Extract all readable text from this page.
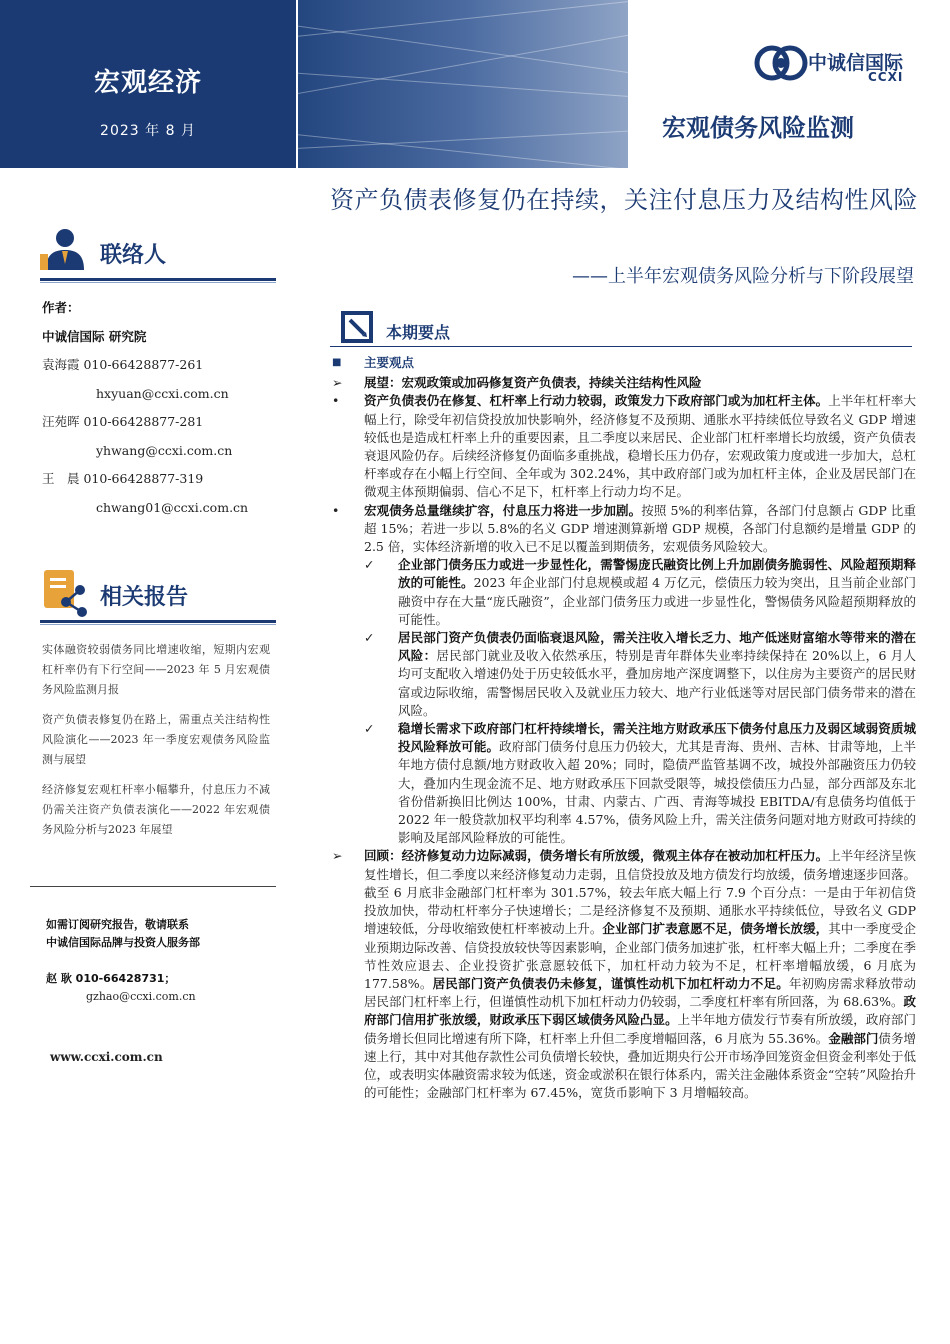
宏观经济
2023 年 8 月
中诚信国际
CCXI
宏观债务风险监测
联络人
作者：
中诚信国际 研究院
袁海霞 010-66428877-261
hxyuan@ccxi.com.cn
汪苑晖 010-66428877-281
yhwang@ccxi.com.cn
王　晨 010-66428877-319
chwang01@ccxi.com.cn
相关报告

实体融资较弱债务同比增速收缩，短期内宏观杠杆率仍有下行空间——2023 年 5 月宏观债务风险监测月报

资产负债表修复仍在路上，需重点关注结构性风险演化——2023 年一季度宏观债务风险监测与展望

经济修复宏观杠杆率小幅攀升，付息压力不减仍需关注资产负债表演化——2022 年宏观债务风险分析与2023 年展望

如需订阅研究报告，敬请联系
中诚信国际品牌与投资人服务部
赵 耿 010-66428731；
gzhao@ccxi.com.cn
www.ccxi.com.cn
资产负债表修复仍在持续，关注付息压力及结构性风险
——上半年宏观债务风险分析与下阶段展望
本期要点
■ 主要观点
➢ 展望：宏观政策或加码修复资产负债表，持续关注结构性风险
• 资产负债表仍在修复、杠杆率上行动力较弱，政策发力下政府部门或为加杠杆主体。上半年杠杆率大幅上行，除受年初信贷投放加快影响外，经济修复不及预期、通胀水平持续低位导致名义 GDP 增速较低也是造成杠杆率上升的重要因素，且二季度以来居民、企业部门杠杆率增长均放缓，资产负债表衰退风险仍存。后续经济修复仍面临多重挑战，稳增长压力仍存，宏观政策力度或进一步加大，总杠杆率或存在小幅上行空间、全年或为 302.24%，其中政府部门或为加杠杆主体，企业及居民部门在微观主体预期偏弱、信心不足下，杠杆率上行动力均不足。
• 宏观债务总量继续扩容，付息压力将进一步加剧。按照 5%的利率估算，各部门付息额占 GDP 比重超 15%；若进一步以 5.8%的名义 GDP 增速测算新增 GDP 规模，各部门付息额约是增量 GDP 的 2.5 倍，实体经济新增的收入已不足以覆盖到期债务，宏观债务风险较大。
✓ 企业部门债务压力或进一步显性化，需警惕庞氏融资比例上升加剧债务脆弱性、风险超预期释放的可能性。2023 年企业部门付息规模或超 4 万亿元，偿债压力较为突出，且当前企业部门融资中存在大量“庞氏融资”，企业部门债务压力或进一步显性化，警惕债务风险超预期释放的可能性。
✓ 居民部门资产负债表仍面临衰退风险，需关注收入增长乏力、地产低迷财富缩水等带来的潜在风险：居民部门就业及收入依然承压，特别是青年群体失业率持续保持在 20%以上，6 月人均可支配收入增速仍处于历史较低水平，叠加房地产深度调整下，以住房为主要资产的居民财富或边际收缩，需警惕居民收入及就业压力较大、地产行业低迷等对居民部门债务带来的潜在风险。
✓ 稳增长需求下政府部门杠杆持续增长，需关注地方财政承压下债务付息压力及弱区域弱资质城投风险释放可能。政府部门债务付息压力仍较大，尤其是青海、贵州、吉林、甘肃等地，上半年地方债付息额/地方财政收入超 20%；同时，隐债严监管基调不改，城投外部融资压力仍较大，叠加内生现金流不足、地方财政承压下回款受限等，城投偿债压力凸显，部分西部及东北省份借新换旧比例达 100%，甘肃、内蒙古、广西、青海等城投 EBITDA/有息债务均值低于 2022 年一般贷款加权平均利率 4.57%，债务风险上升，需关注债务问题对地方财政可持续的影响及尾部风险释放的可能性。
➢ 回顾：经济修复动力边际减弱，债务增长有所放缓，微观主体存在被动加杠杆压力。上半年经济呈恢复性增长，但二季度以来经济修复动力走弱，且信贷投放及地方债发行均放缓，债务增速逐步回落。截至 6 月底非金融部门杠杆率为 301.57%，较去年底大幅上行 7.9 个百分点：一是由于年初信贷投放加快，带动杠杆率分子快速增长；二是经济修复不及预期、通胀水平持续低位，导致名义 GDP 增速较低，分母收缩致使杠杆率被动上升。企业部门扩表意愿不足，债务增长放缓，其中一季度受企业预期边际改善、信贷投放较快等因素影响，企业部门债务加速扩张，杠杆率大幅上升；二季度在季节性效应退去、企业投资扩张意愿较低下，加杠杆动力较为不足，杠杆率增幅放缓，6 月底为 177.58%。居民部门资产负债表仍未修复，谨慎性动机下加杠杆动力不足。年初购房需求释放带动居民部门杠杆率上行，但谨慎性动机下加杠杆动力仍较弱，二季度杠杆率有所回落，为 68.63%。政府部门信用扩张放缓，财政承压下弱区域债务风险凸显。上半年地方债发行节奏有所放缓，政府部门债务增长但同比增速有所下降，杠杆率上升但二季度增幅回落，6 月底为 55.36%。金融部门债务增速上行，其中对其他存款性公司负债增长较快，叠加近期央行公开市场净回笼资金但资金利率处于低位，或表明实体融资需求较为低迷，资金或淤积在银行体系内，需关注金融体系资金“空转”风险抬升的可能性；金融部门杠杆率为 67.45%，宽货币影响下 3 月增幅较高。
